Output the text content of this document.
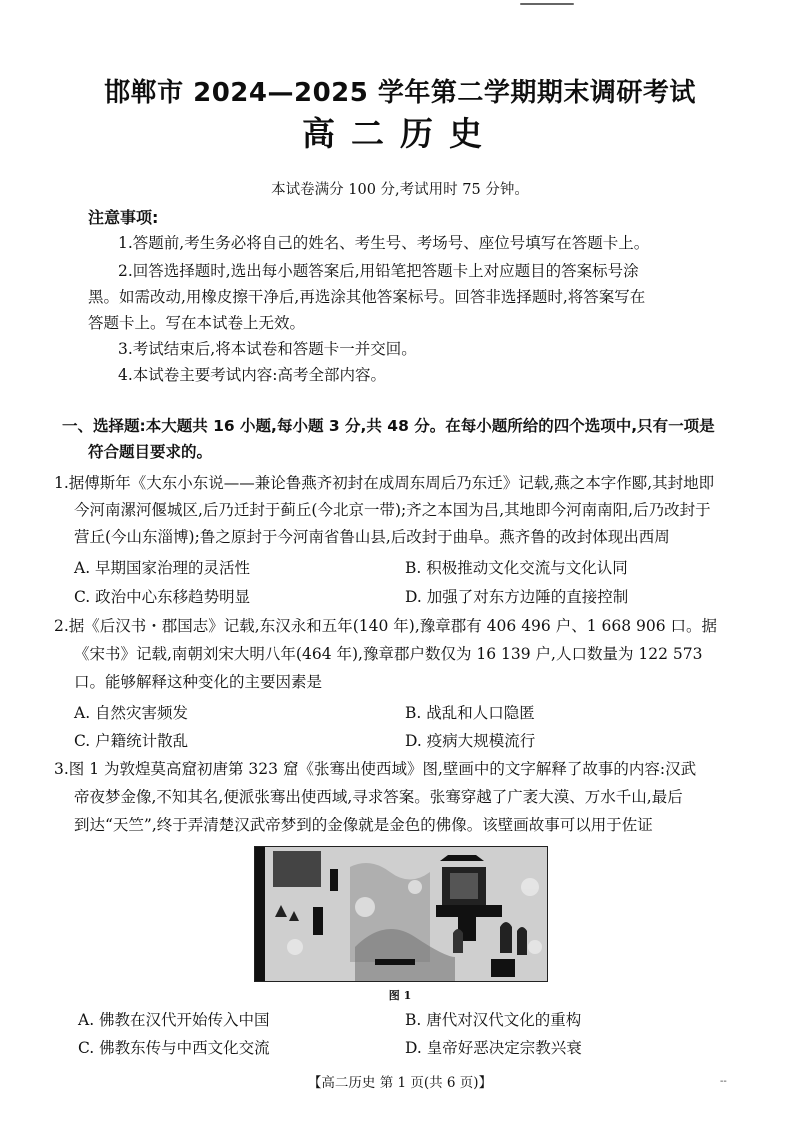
邯郸市 2024—2025 学年第二学期期末调研考试
高二历史
本试卷满分 100 分,考试用时 75 分钟。
注意事项:
1.答题前,考生务必将自己的姓名、考生号、考场号、座位号填写在答题卡上。
2.回答选择题时,选出每小题答案后,用铅笔把答题卡上对应题目的答案标号涂
黑。如需改动,用橡皮擦干净后,再选涂其他答案标号。回答非选择题时,将答案写在
答题卡上。写在本试卷上无效。
3.考试结束后,将本试卷和答题卡一并交回。
4.本试卷主要考试内容:高考全部内容。
一、选择题:本大题共 16 小题,每小题 3 分,共 48 分。在每小题所给的四个选项中,只有一项是
符合题目要求的。
1.据傅斯年《大东小东说——兼论鲁燕齐初封在成周东周后乃东迁》记载,燕之本字作郾,其封地即
今河南漯河偃城区,后乃迁封于蓟丘(今北京一带);齐之本国为吕,其地即今河南南阳,后乃改封于
营丘(今山东淄博);鲁之原封于今河南省鲁山县,后改封于曲阜。燕齐鲁的改封体现出西周
A. 早期国家治理的灵活性	B. 积极推动文化交流与文化认同
C. 政治中心东移趋势明显	D. 加强了对东方边陲的直接控制
2.据《后汉书・郡国志》记载,东汉永和五年(140 年),豫章郡有 406 496 户、1 668 906 口。据
《宋书》记载,南朝刘宋大明八年(464 年),豫章郡户数仅为 16 139 户,人口数量为 122 573
口。能够解释这种变化的主要因素是
A. 自然灾害频发	B. 战乱和人口隐匿
C. 户籍统计散乱	D. 疫病大规模流行
3.图 1 为敦煌莫高窟初唐第 323 窟《张骞出使西域》图,壁画中的文字解释了故事的内容:汉武
帝夜梦金像,不知其名,便派张骞出使西域,寻求答案。张骞穿越了广袤大漠、万水千山,最后
到达“天竺”,终于弄清楚汉武帝梦到的金像就是金色的佛像。该壁画故事可以用于佐证
图 1
A. 佛教在汉代开始传入中国	B. 唐代对汉代文化的重构
C. 佛教东传与中西文化交流	D. 皇帝好恶决定宗教兴衰
【高二历史 第 1 页(共 6 页)】	--
